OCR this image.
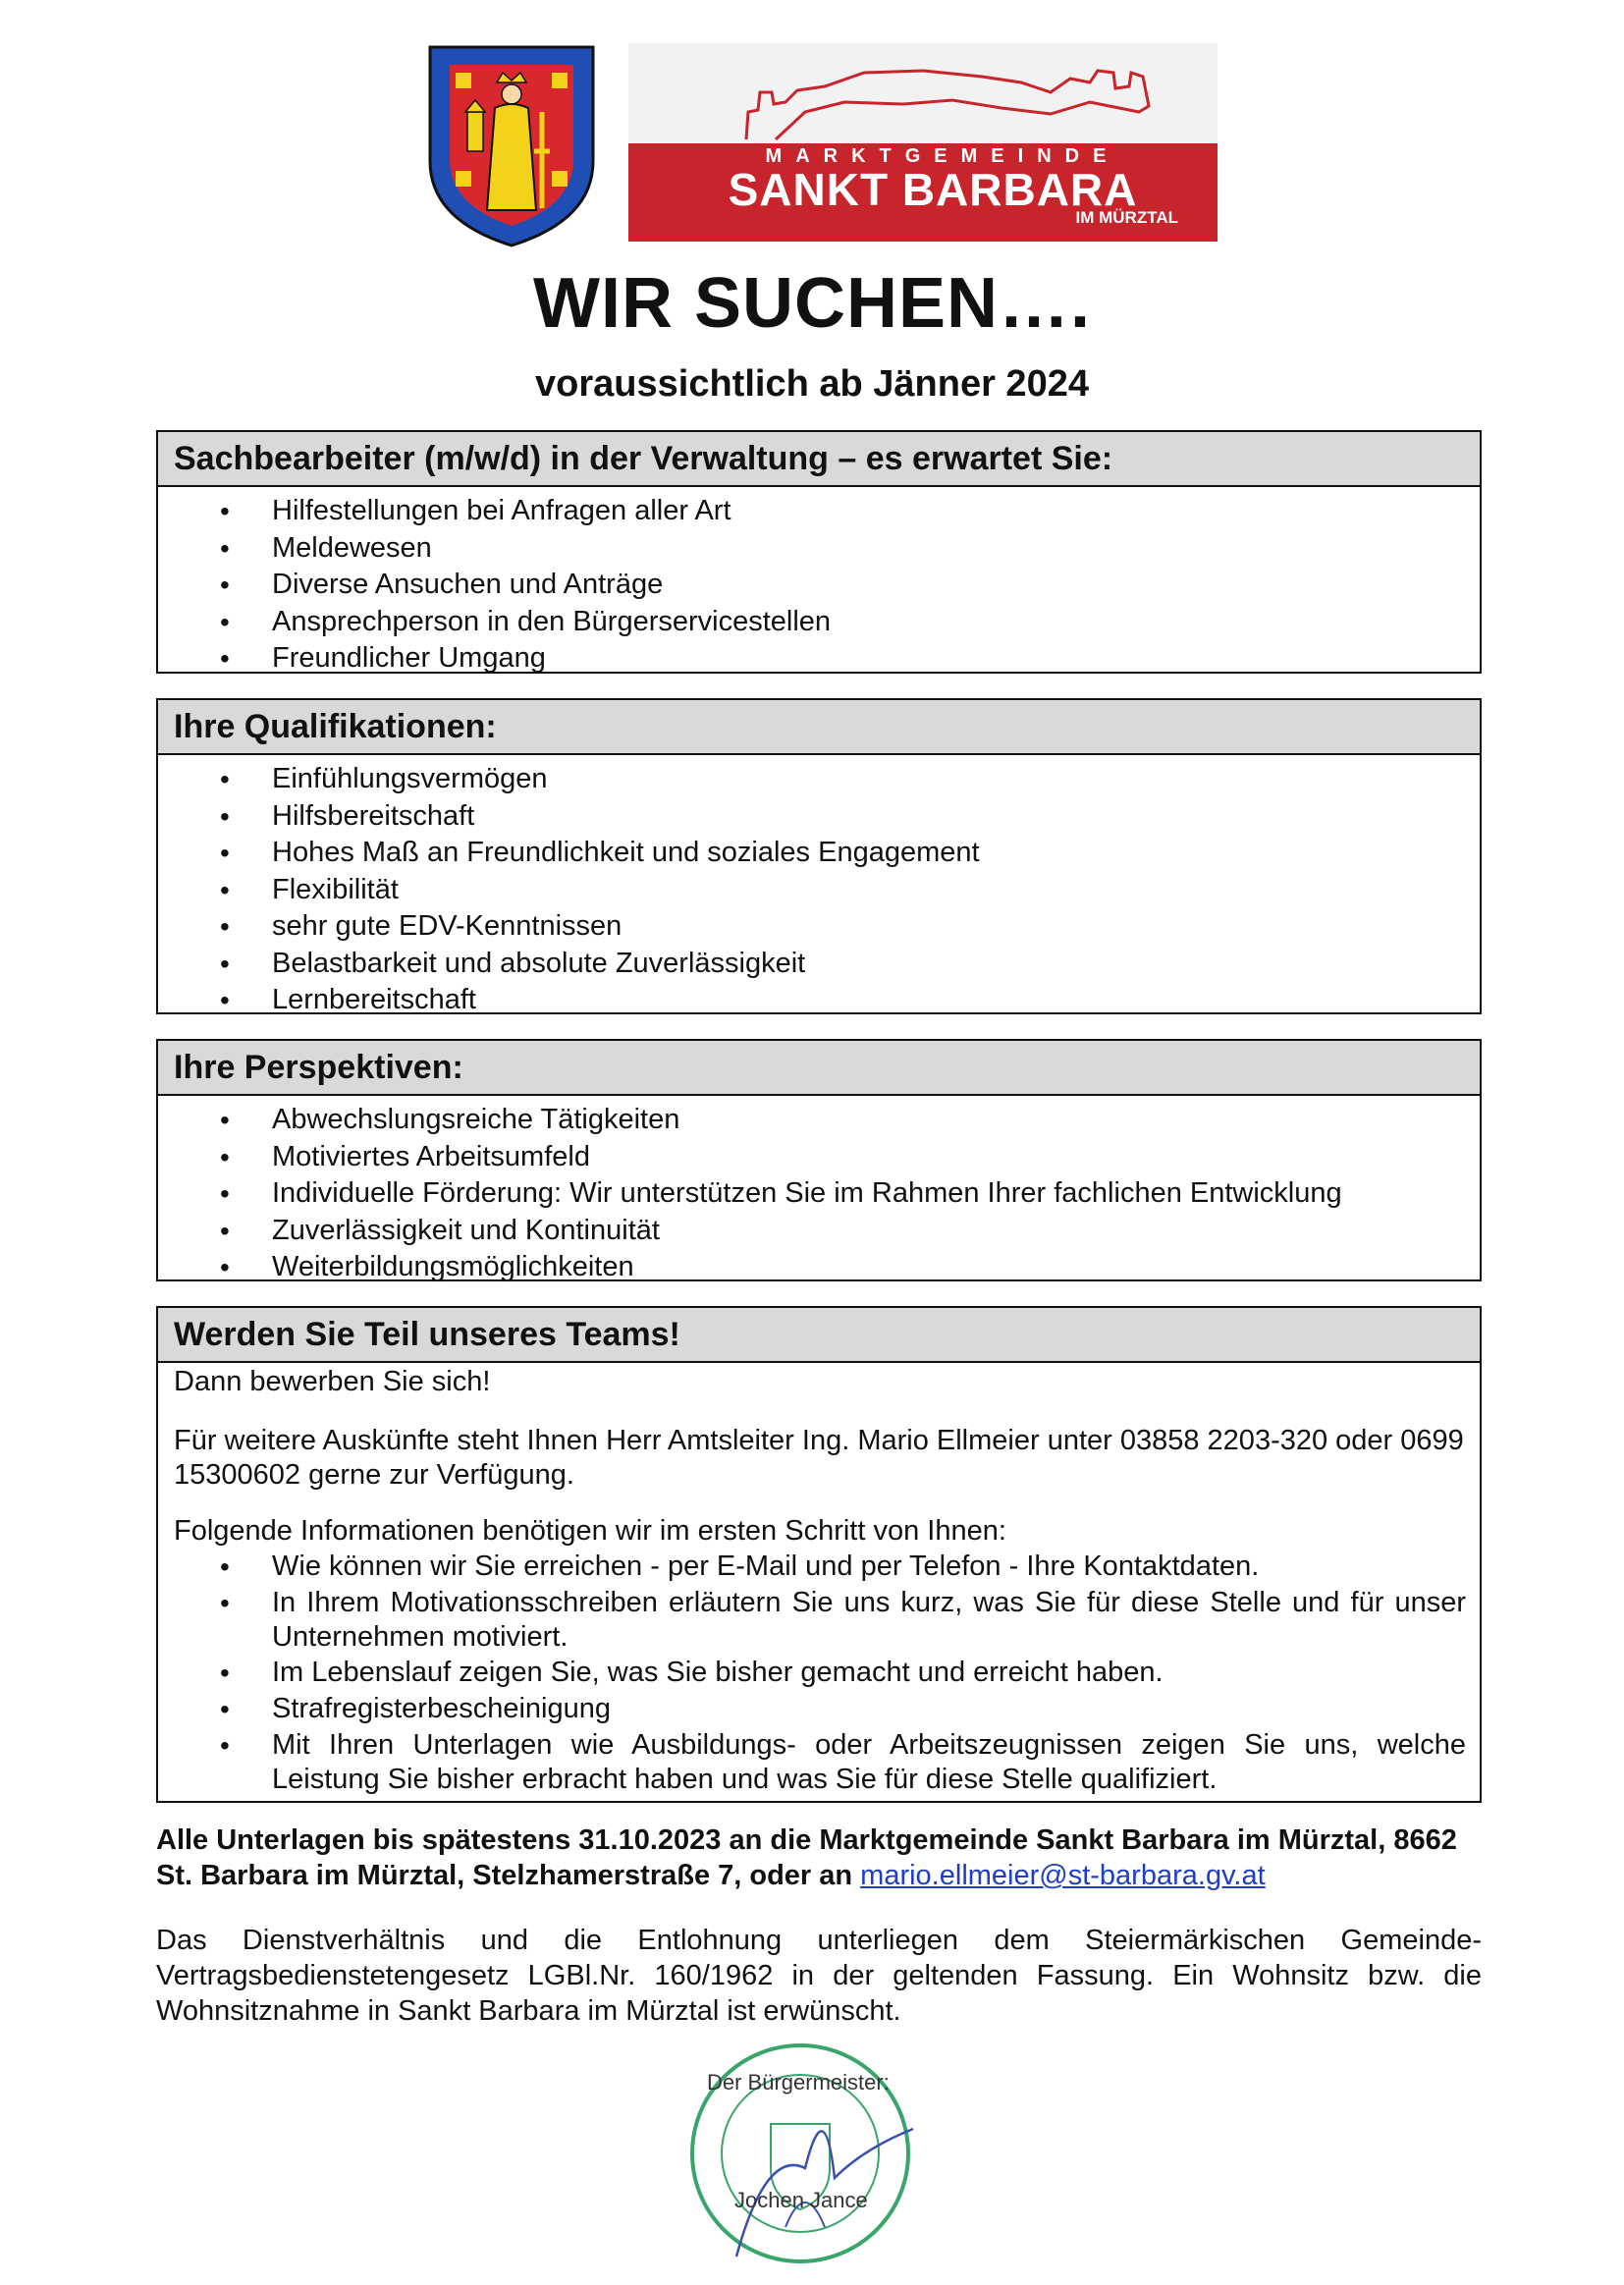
MARKTGEMEINDE
SANKT BARBARA
IM MÜRZTAL
WIR SUCHEN….
voraussichtlich ab Jänner 2024
Sachbearbeiter (m/w/d) in der Verwaltung – es erwartet Sie:
• Hilfestellungen bei Anfragen aller Art
• Meldewesen
• Diverse Ansuchen und Anträge
• Ansprechperson in den Bürgerservicestellen
• Freundlicher Umgang
Ihre Qualifikationen:
• Einfühlungsvermögen
• Hilfsbereitschaft
• Hohes Maß an Freundlichkeit und soziales Engagement
• Flexibilität
• sehr gute EDV-Kenntnissen
• Belastbarkeit und absolute Zuverlässigkeit
• Lernbereitschaft
Ihre Perspektiven:
• Abwechslungsreiche Tätigkeiten
• Motiviertes Arbeitsumfeld
• Individuelle Förderung: Wir unterstützen Sie im Rahmen Ihrer fachlichen Entwicklung
• Zuverlässigkeit und Kontinuität
• Weiterbildungsmöglichkeiten
Werden Sie Teil unseres Teams!

Dann bewerben Sie sich!

Für weitere Auskünfte steht Ihnen Herr Amtsleiter Ing. Mario Ellmeier unter 03858 2203-320 oder 0699 15300602 gerne zur Verfügung.

Folgende Informationen benötigen wir im ersten Schritt von Ihnen:

• Wie können wir Sie erreichen - per E-Mail und per Telefon - Ihre Kontaktdaten.
• In Ihrem Motivationsschreiben erläutern Sie uns kurz, was Sie für diese Stelle und für unser Unternehmen motiviert.
• Im Lebenslauf zeigen Sie, was Sie bisher gemacht und erreicht haben.
• Strafregisterbescheinigung
• Mit Ihren Unterlagen wie Ausbildungs- oder Arbeitszeugnissen zeigen Sie uns, welche Leistung Sie bisher erbracht haben und was Sie für diese Stelle qualifiziert.
Alle Unterlagen bis spätestens 31.10.2023 an die Marktgemeinde Sankt Barbara im Mürztal, 8662 St. Barbara im Mürztal, Stelzhamerstraße 7, oder an mario.ellmeier@st-barbara.gv.at
Das Dienstverhältnis und die Entlohnung unterliegen dem Steiermärkischen Gemeinde-Vertragsbedienstetengesetz LGBl.Nr. 160/1962 in der geltenden Fassung. Ein Wohnsitz bzw. die Wohnsitznahme in Sankt Barbara im Mürztal ist erwünscht.
Der Bürgermeister:
Jochen Jance
